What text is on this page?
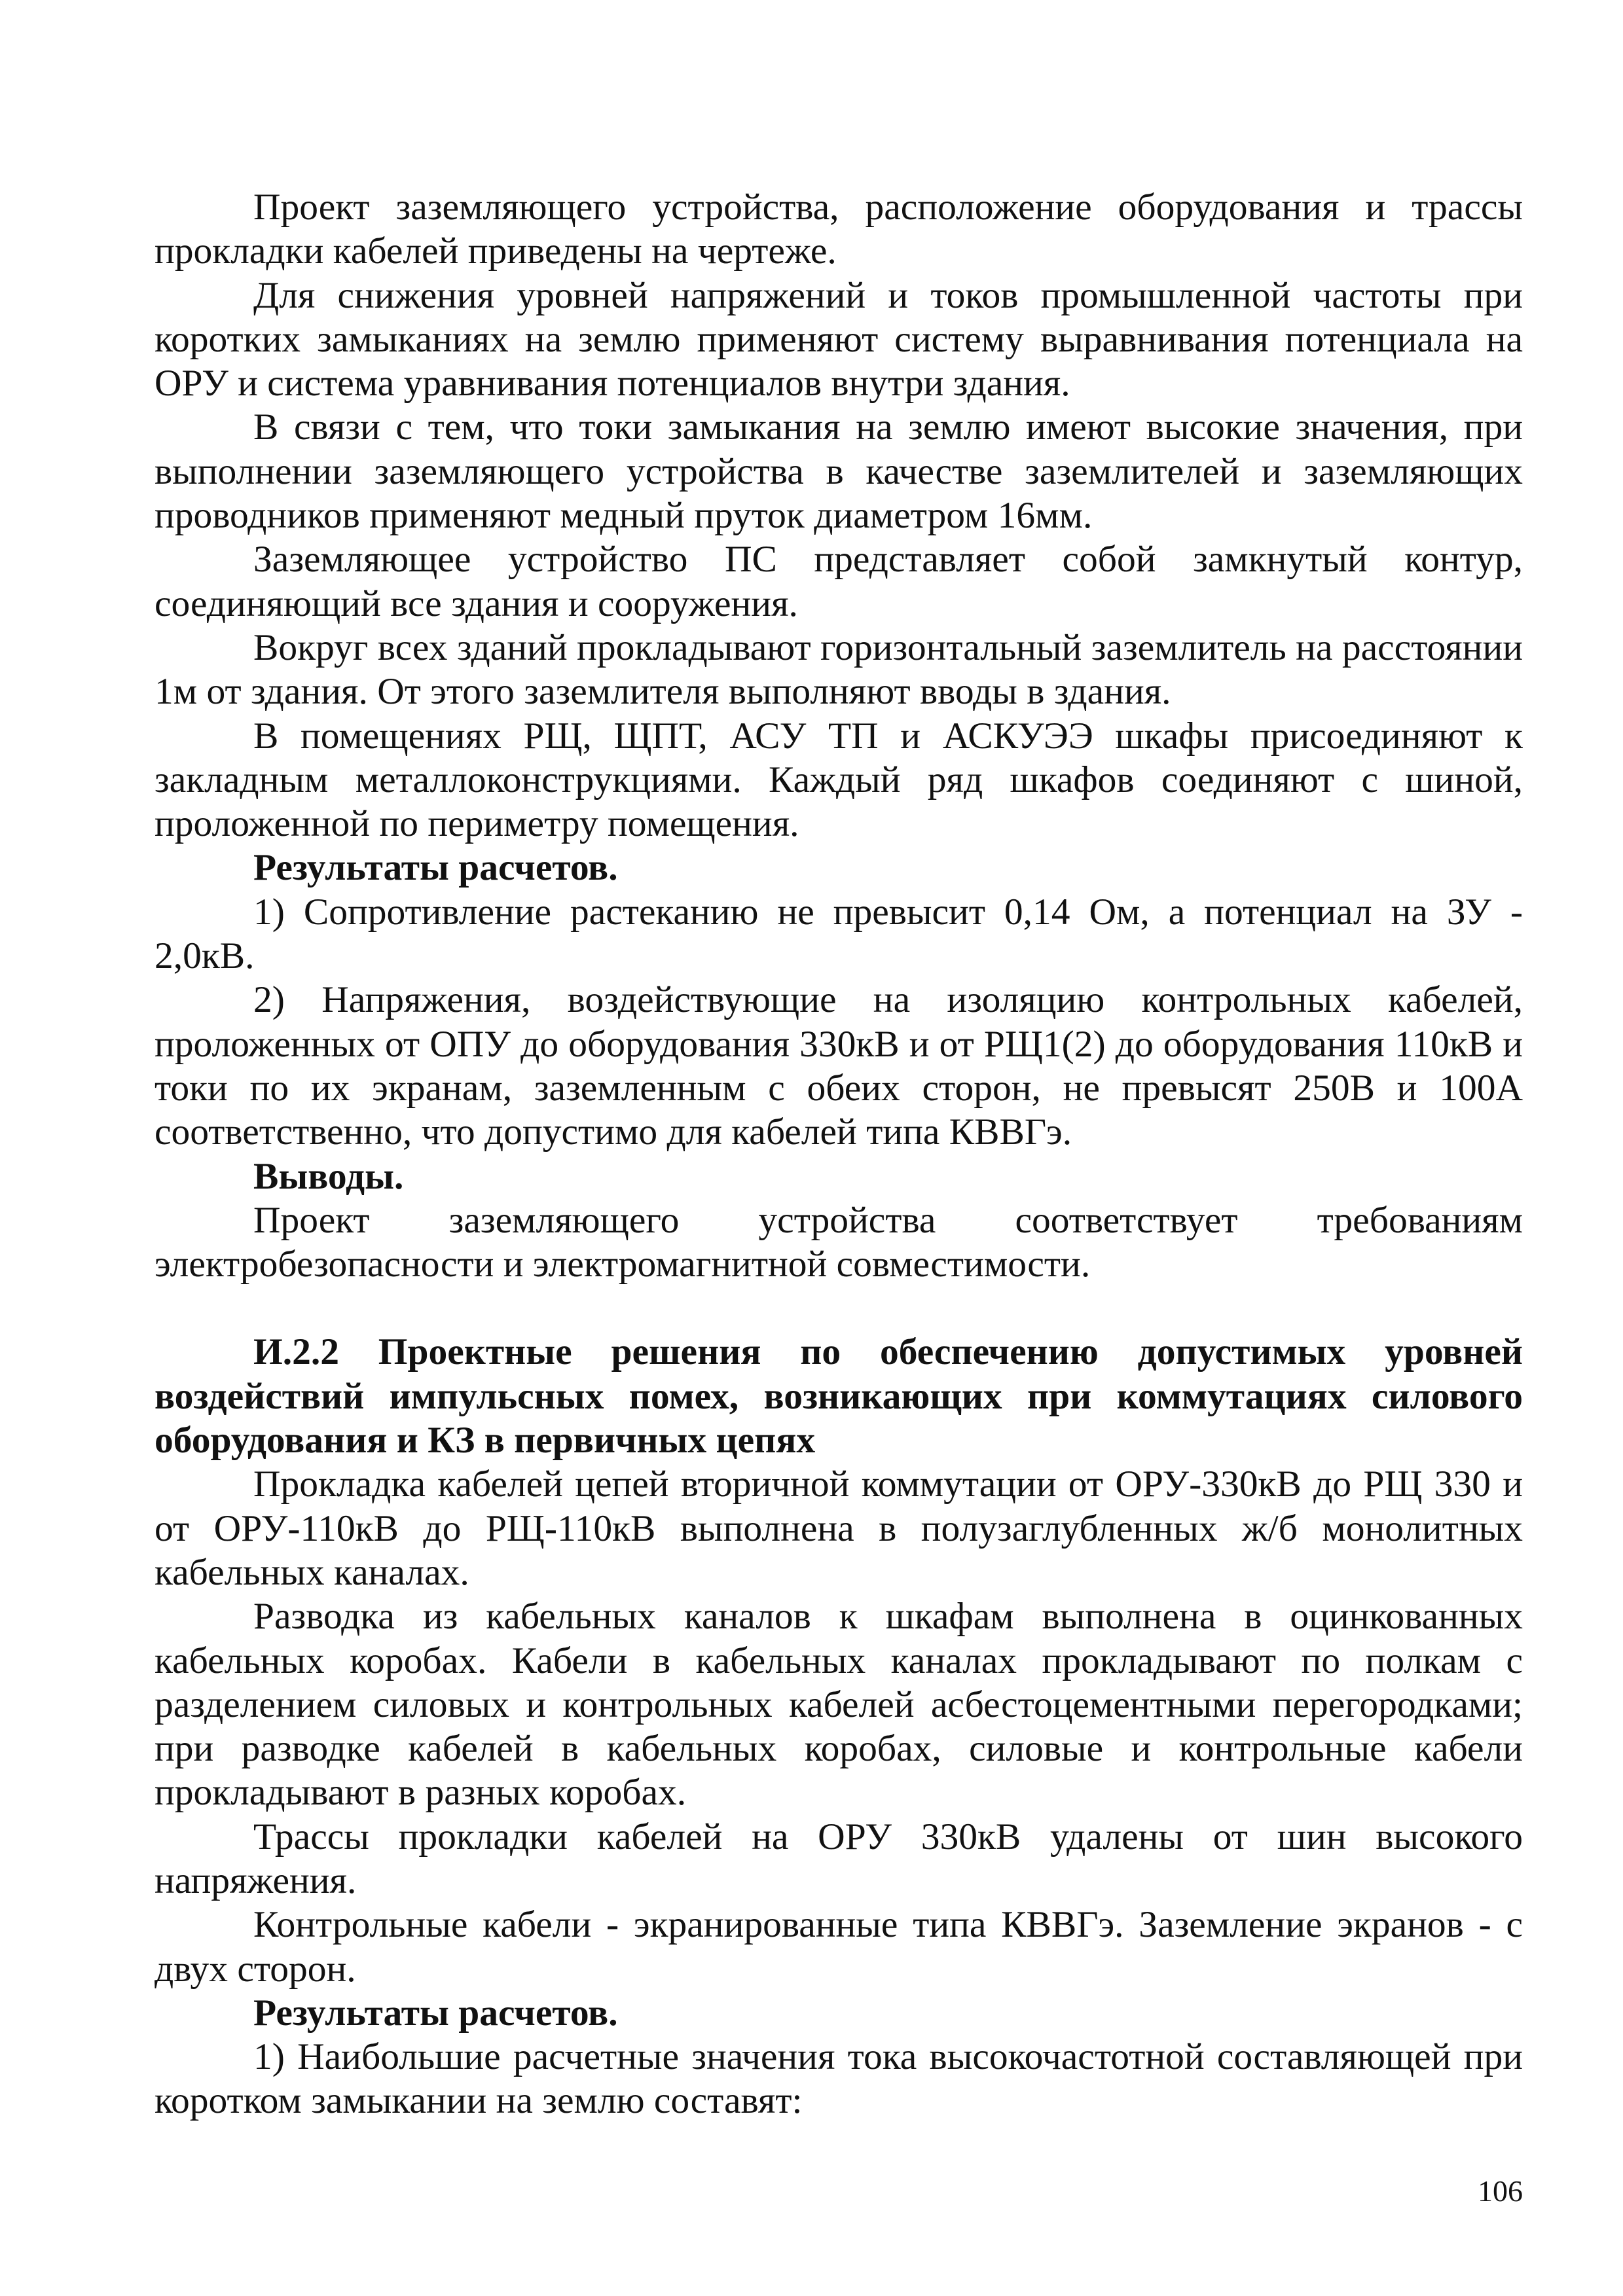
Проект заземляющего устройства, расположение оборудования и трассы прокладки кабелей приведены на чертеже.

Для снижения уровней напряжений и токов промышленной частоты при коротких замыканиях на землю применяют систему выравнивания потенциала на ОРУ и система уравнивания потенциалов внутри здания.

В связи с тем, что токи замыкания на землю имеют высокие значения, при выполнении заземляющего устройства в качестве заземлителей и заземляющих проводников применяют медный пруток диаметром 16мм.

Заземляющее устройство ПС представляет собой замкнутый контур, соединяющий все здания и сооружения.

Вокруг всех зданий прокладывают горизонтальный заземлитель на расстоянии 1м от здания. От этого заземлителя выполняют вводы в здания.

В помещениях РЩ, ЩПТ, АСУ ТП и АСКУЭЭ шкафы присоединяют к закладным металлоконструкциями. Каждый ряд шкафов соединяют с шиной, проложенной по периметру помещения.

Результаты расчетов.

1) Сопротивление растеканию не превысит 0,14 Ом, а потенциал на ЗУ - 2,0кВ.

2) Напряжения, воздействующие на изоляцию контрольных кабелей, проложенных от ОПУ до оборудования 330кВ и от РЩ1(2) до оборудования 110кВ и токи по их экранам, заземленным с обеих сторон, не превысят 250В и 100А соответственно, что допустимо для кабелей типа КВВГэ.

Выводы.

Проект заземляющего устройства соответствует требованиям электробезопасности и электромагнитной совместимости.

И.2.2 Проектные решения по обеспечению допустимых уровней воздействий импульсных помех, возникающих при коммутациях силового оборудования и КЗ в первичных цепях

Прокладка кабелей цепей вторичной коммутации от ОРУ-330кВ до РЩ 330 и от ОРУ-110кВ до РЩ-110кВ выполнена в полузаглубленных ж/б монолитных кабельных каналах.

Разводка из кабельных каналов к шкафам выполнена в оцинкованных кабельных коробах. Кабели в кабельных каналах прокладывают по полкам с разделением силовых и контрольных кабелей асбестоцементными перегородками; при разводке кабелей в кабельных коробах, силовые и контрольные кабели прокладывают в разных коробах.

Трассы прокладки кабелей на ОРУ 330кВ удалены от шин высокого напряжения.

Контрольные кабели - экранированные типа КВВГэ. Заземление экранов - с двух сторон.

Результаты расчетов.

1) Наибольшие расчетные значения тока высокочастотной составляющей при коротком замыкании на землю составят:

106
